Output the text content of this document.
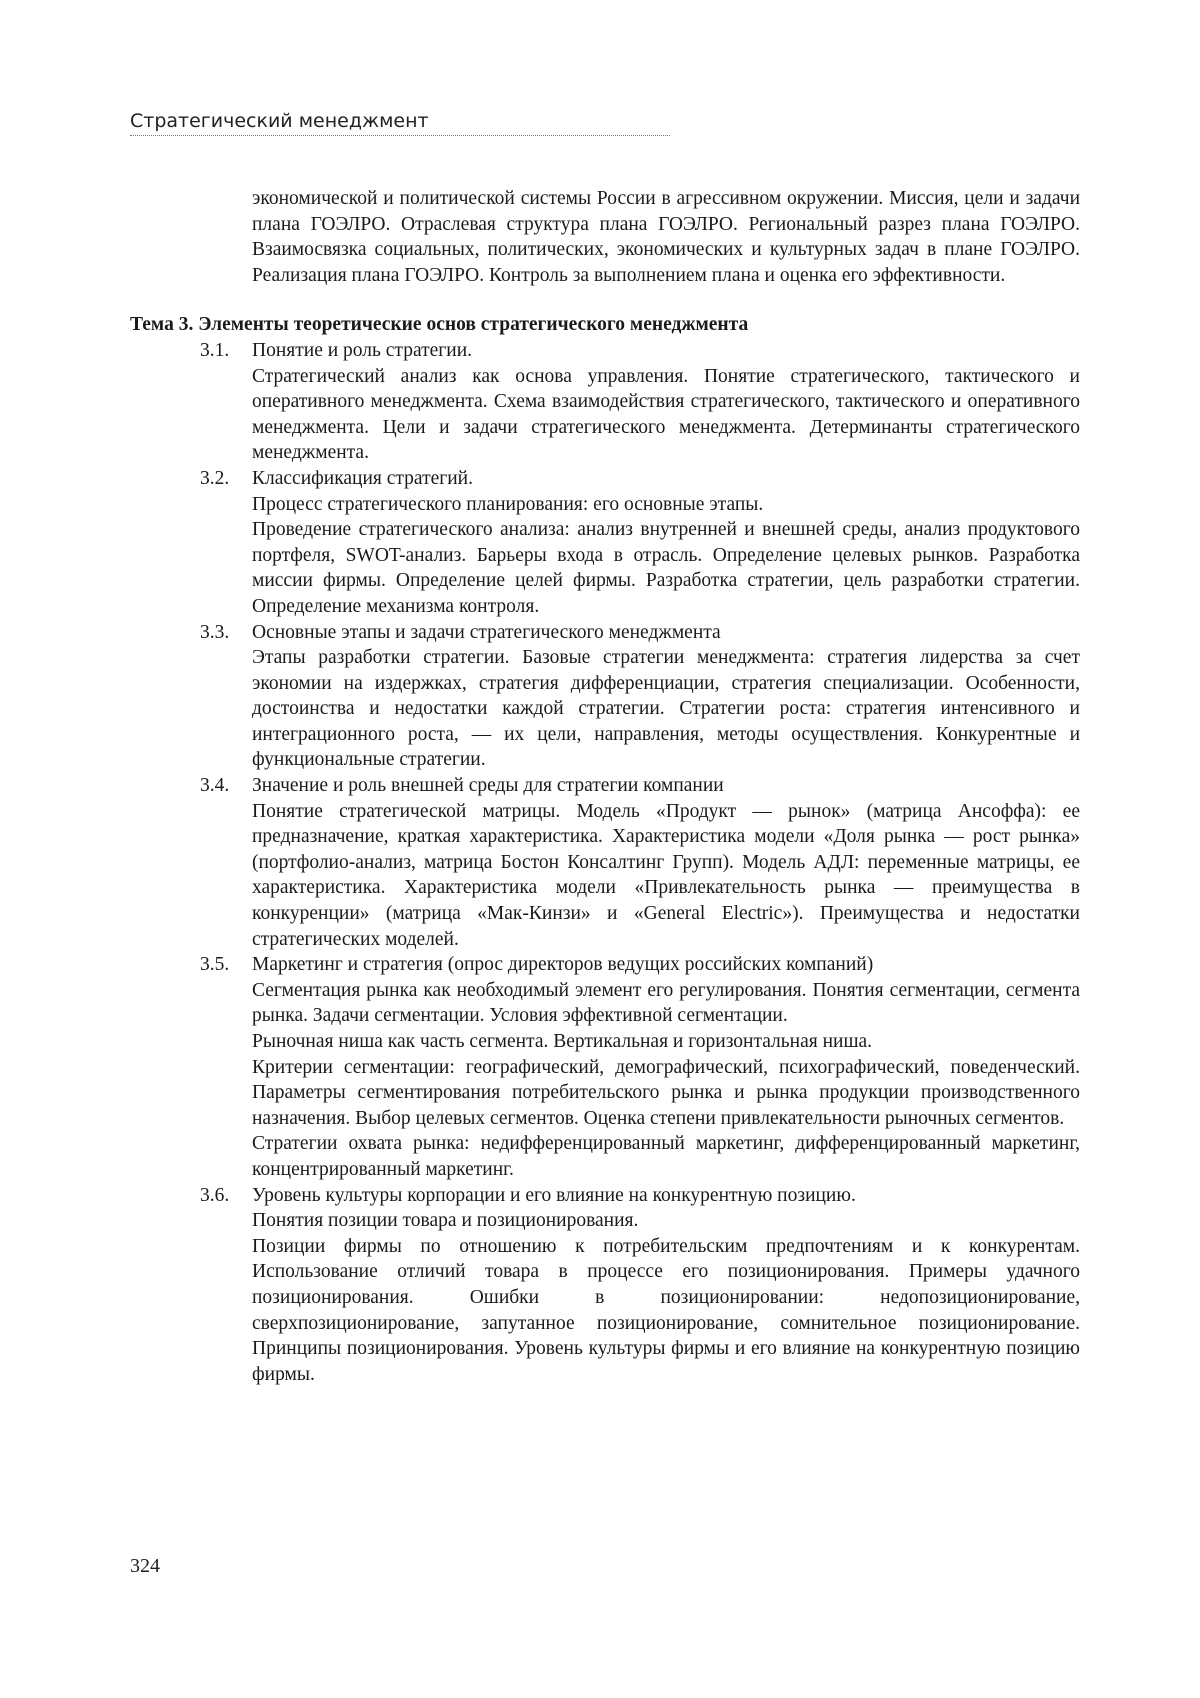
Стратегический менеджмент

экономической и политической системы России в агрессивном окружении. Миссия, цели и задачи плана ГОЭЛРО. Отраслевая структура плана ГОЭЛРО. Региональный разрез плана ГОЭЛРО. Взаимосвязка социальных, политических, экономических и культурных задач в плане ГОЭЛРО. Реализация плана ГОЭЛРО. Контроль за выполнением плана и оценка его эффективности.

Тема 3. Элементы теоретические основ стратегического менеджмента

3.1.	Понятие и роль стратегии.

Стратегический анализ как основа управления. Понятие стратегического, тактического и оперативного менеджмента. Схема взаимодействия стратегического, тактического и оперативного менеджмента. Цели и задачи стратегического менеджмента. Детерминанты стратегического менеджмента.

3.2.	Классификация стратегий.

Процесс стратегического планирования: его основные этапы.

Проведение стратегического анализа: анализ внутренней и внешней среды, анализ продуктового портфеля, SWOT-анализ. Барьеры входа в отрасль. Определение целевых рынков. Разработка миссии фирмы. Определение целей фирмы. Разработка стратегии, цель разработки стратегии. Определение механизма контроля.

3.3.	Основные этапы и задачи стратегического менеджмента

Этапы разработки стратегии. Базовые стратегии менеджмента: стратегия лидерства за счет экономии на издержках, стратегия дифференциации, стратегия специализации. Особенности, достоинства и недостатки каждой стратегии. Стратегии роста: стратегия интенсивного и интеграционного роста, — их цели, направления, методы осуществления. Конкурентные и функциональные стратегии.

3.4.	Значение и роль внешней среды для стратегии компании

Понятие стратегической матрицы. Модель «Продукт — рынок» (матрица Ансоффа): ее предназначение, краткая характеристика. Характеристика модели «Доля рынка — рост рынка» (портфолио-анализ, матрица Бостон Консалтинг Групп). Модель АДЛ: переменные матрицы, ее характеристика. Характеристика модели «Привлекательность рынка — преимущества в конкуренции» (матрица «Мак-Кинзи» и «General Electric»). Преимущества и недостатки стратегических моделей.

3.5.	Маркетинг и стратегия (опрос директоров ведущих российских компаний)

Сегментация рынка как необходимый элемент его регулирования. Понятия сегментации, сегмента рынка. Задачи сегментации. Условия эффективной сегментации.

Рыночная ниша как часть сегмента. Вертикальная и горизонтальная ниша.

Критерии сегментации: географический, демографический, психографический, поведенческий. Параметры сегментирования потребительского рынка и рынка продукции производственного назначения. Выбор целевых сегментов. Оценка степени привлекательности рыночных сегментов.

Стратегии охвата рынка: недифференцированный маркетинг, дифференцированный маркетинг, концентрированный маркетинг.

3.6.	Уровень культуры корпорации и его влияние на конкурентную позицию.

Понятия позиции товара и позиционирования.

Позиции фирмы по отношению к потребительским предпочтениям и к конкурентам. Использование отличий товара в процессе его позиционирования. Примеры удачного позиционирования. Ошибки в позиционировании: недопозиционирование, сверхпозиционирование, запутанное позиционирование, сомнительное позиционирование. Принципы позиционирования. Уровень культуры фирмы и его влияние на конкурентную позицию фирмы.

324
